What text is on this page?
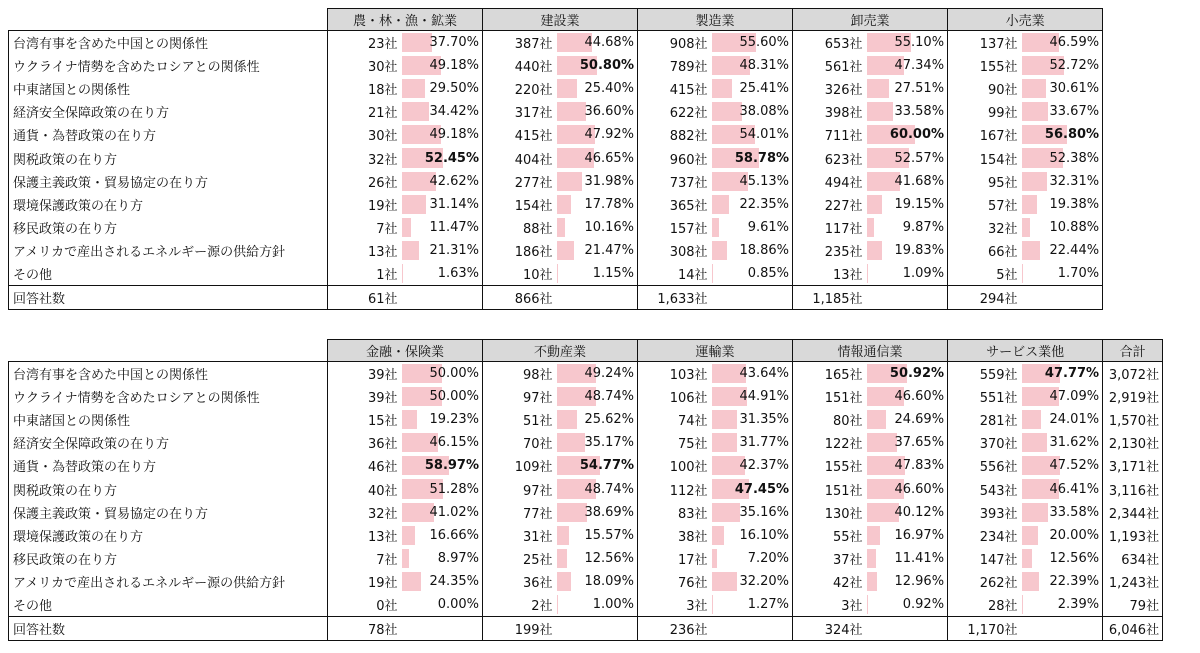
	農・林・漁・鉱業		建設業		製造業		卸売業		小売業	
台湾有事を含めた中国との関係性	23社	37.70%	387社	44.68%	908社	55.60%	653社	55.10%	137社	46.59%
ウクライナ情勢を含めたロシアとの関係性	30社	49.18%	440社	50.80%	789社	48.31%	561社	47.34%	155社	52.72%
中東諸国との関係性	18社	29.50%	220社	25.40%	415社	25.41%	326社	27.51%	90社	30.61%
経済安全保障政策の在り方	21社	34.42%	317社	36.60%	622社	38.08%	398社	33.58%	99社	33.67%
通貨・為替政策の在り方	30社	49.18%	415社	47.92%	882社	54.01%	711社	60.00%	167社	56.80%
関税政策の在り方	32社	52.45%	404社	46.65%	960社	58.78%	623社	52.57%	154社	52.38%
保護主義政策・貿易協定の在り方	26社	42.62%	277社	31.98%	737社	45.13%	494社	41.68%	95社	32.31%
環境保護政策の在り方	19社	31.14%	154社	17.78%	365社	22.35%	227社	19.15%	57社	19.38%
移民政策の在り方	7社	11.47%	88社	10.16%	157社	9.61%	117社	9.87%	32社	10.88%
アメリカで産出されるエネルギー源の供給方針	13社	21.31%	186社	21.47%	308社	18.86%	235社	19.83%	66社	22.44%
その他	1社	1.63%	10社	1.15%	14社	0.85%	13社	1.09%	5社	1.70%
回答社数	61社		866社		1,633社		1,185社		294社	
	金融・保険業		不動産業		運輸業		情報通信業		サービス業他		合計
台湾有事を含めた中国との関係性	39社	50.00%	98社	49.24%	103社	43.64%	165社	50.92%	559社	47.77%	3,072社
ウクライナ情勢を含めたロシアとの関係性	39社	50.00%	97社	48.74%	106社	44.91%	151社	46.60%	551社	47.09%	2,919社
中東諸国との関係性	15社	19.23%	51社	25.62%	74社	31.35%	80社	24.69%	281社	24.01%	1,570社
経済安全保障政策の在り方	36社	46.15%	70社	35.17%	75社	31.77%	122社	37.65%	370社	31.62%	2,130社
通貨・為替政策の在り方	46社	58.97%	109社	54.77%	100社	42.37%	155社	47.83%	556社	47.52%	3,171社
関税政策の在り方	40社	51.28%	97社	48.74%	112社	47.45%	151社	46.60%	543社	46.41%	3,116社
保護主義政策・貿易協定の在り方	32社	41.02%	77社	38.69%	83社	35.16%	130社	40.12%	393社	33.58%	2,344社
環境保護政策の在り方	13社	16.66%	31社	15.57%	38社	16.10%	55社	16.97%	234社	20.00%	1,193社
移民政策の在り方	7社	8.97%	25社	12.56%	17社	7.20%	37社	11.41%	147社	12.56%	634社
アメリカで産出されるエネルギー源の供給方針	19社	24.35%	36社	18.09%	76社	32.20%	42社	12.96%	262社	22.39%	1,243社
その他	0社	0.00%	2社	1.00%	3社	1.27%	3社	0.92%	28社	2.39%	79社
回答社数	78社		199社		236社		324社		1,170社		6,046社
